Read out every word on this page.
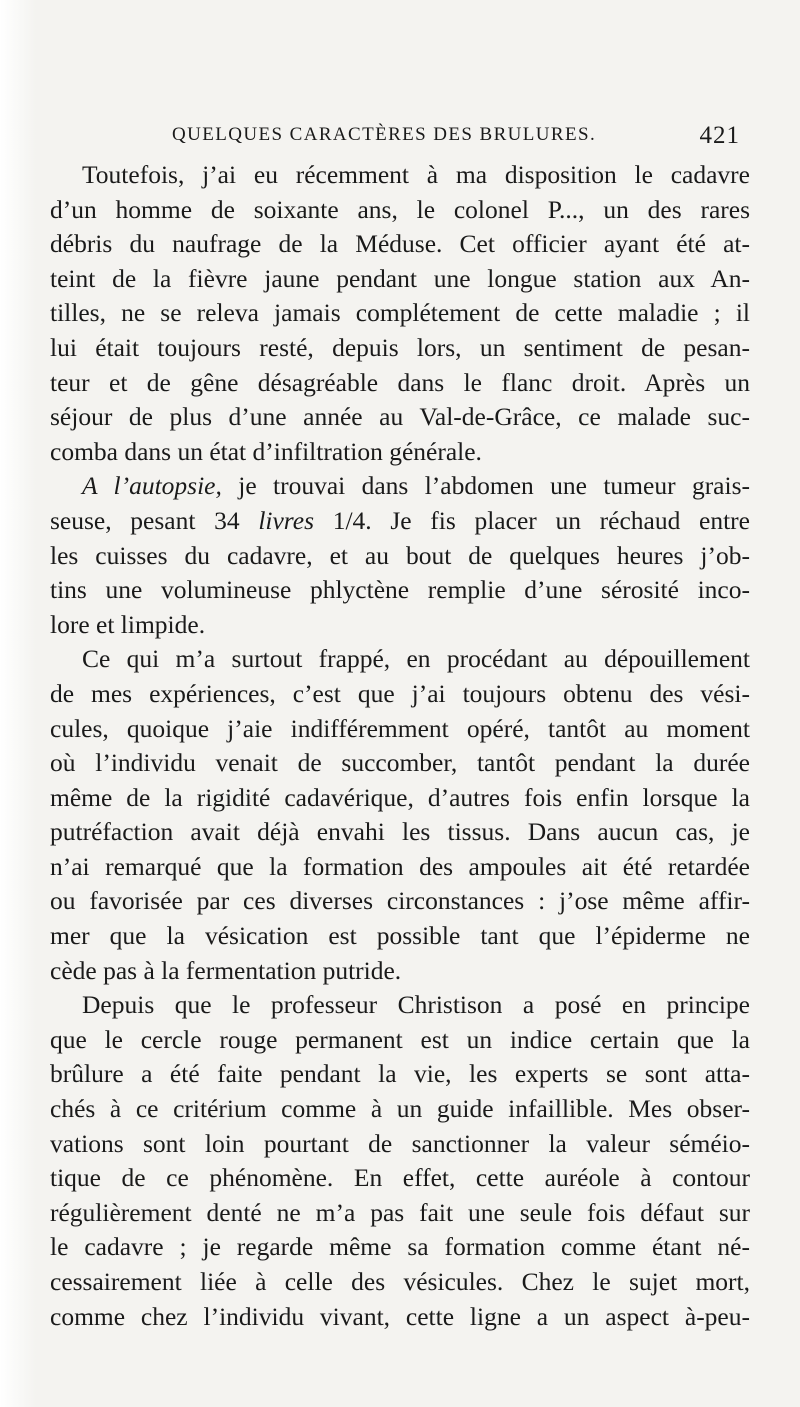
QUELQUES CARACTÈRES DES BRULURES.	421
Toutefois, j’ai eu récemment à ma disposition le cadavre
d’un homme de soixante ans, le colonel P..., un des rares
débris du naufrage de la Méduse. Cet officier ayant été at-
teint de la fièvre jaune pendant une longue station aux An-
tilles, ne se releva jamais complétement de cette maladie ; il
lui était toujours resté, depuis lors, un sentiment de pesan-
teur et de gêne désagréable dans le flanc droit. Après un
séjour de plus d’une année au Val-de-Grâce, ce malade suc-
comba dans un état d’infiltration générale.
A l’autopsie, je trouvai dans l’abdomen une tumeur grais-
seuse, pesant 34 livres 1/4. Je fis placer un réchaud entre
les cuisses du cadavre, et au bout de quelques heures j’ob-
tins une volumineuse phlyctène remplie d’une sérosité inco-
lore et limpide.
Ce qui m’a surtout frappé, en procédant au dépouillement
de mes expériences, c’est que j’ai toujours obtenu des vési-
cules, quoique j’aie indifféremment opéré, tantôt au moment
où l’individu venait de succomber, tantôt pendant la durée
même de la rigidité cadavérique, d’autres fois enfin lorsque la
putréfaction avait déjà envahi les tissus. Dans aucun cas, je
n’ai remarqué que la formation des ampoules ait été retardée
ou favorisée par ces diverses circonstances : j’ose même affir-
mer que la vésication est possible tant que l’épiderme ne
cède pas à la fermentation putride.
Depuis que le professeur Christison a posé en principe
que le cercle rouge permanent est un indice certain que la
brûlure a été faite pendant la vie, les experts se sont atta-
chés à ce critérium comme à un guide infaillible. Mes obser-
vations sont loin pourtant de sanctionner la valeur séméio-
tique de ce phénomène. En effet, cette auréole à contour
régulièrement denté ne m’a pas fait une seule fois défaut sur
le cadavre ; je regarde même sa formation comme étant né-
cessairement liée à celle des vésicules. Chez le sujet mort,
comme chez l’individu vivant, cette ligne a un aspect à-peu-
